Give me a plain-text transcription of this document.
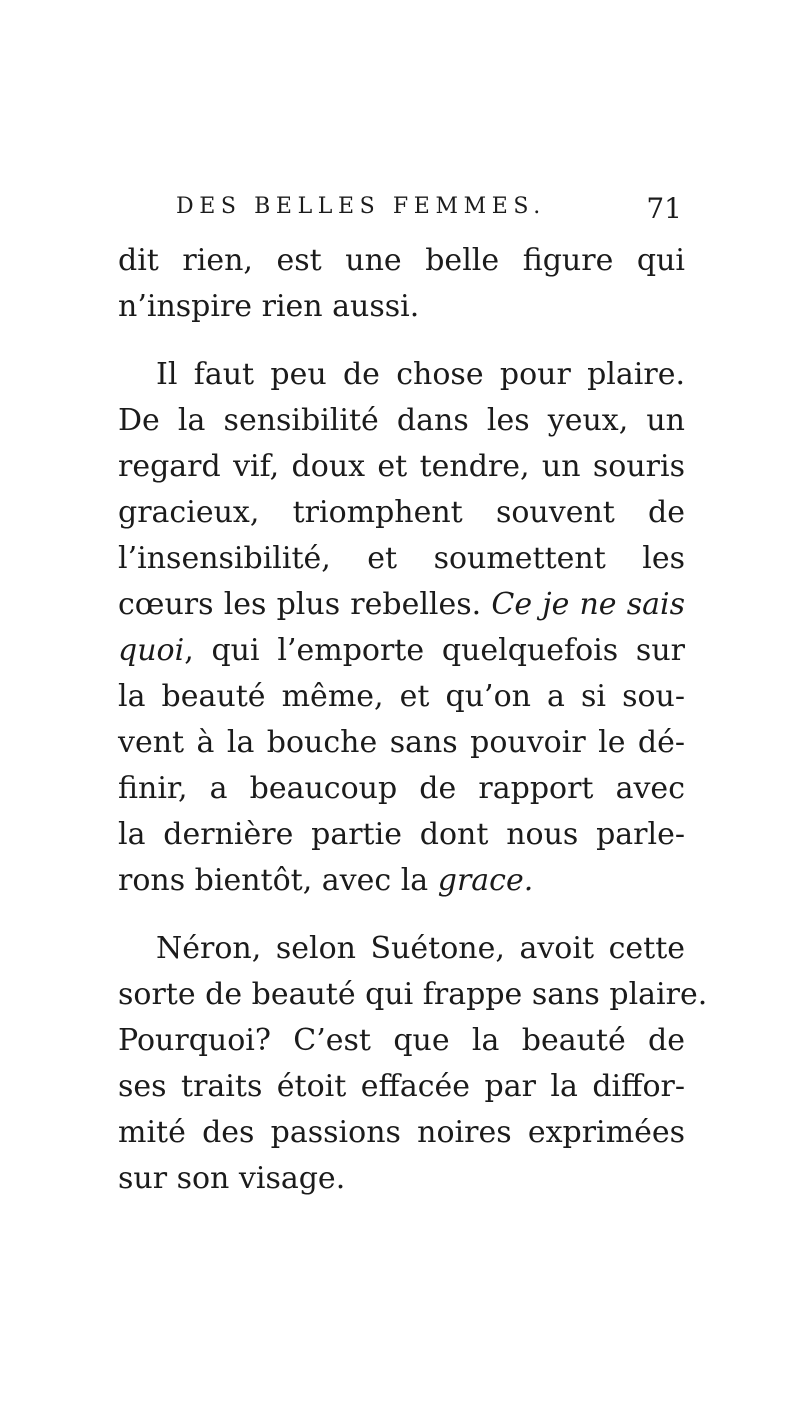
DES BELLES FEMMES.	71
dit rien, est une belle figure qui
n’inspire rien aussi.
Il faut peu de chose pour plaire.
De la sensibilité dans les yeux, un
regard vif, doux et tendre, un souris
gracieux, triomphent souvent de
l’insensibilité, et soumettent les
cœurs les plus rebelles. Ce je ne sais
quoi, qui l’emporte quelquefois sur
la beauté même, et qu’on a si sou-
vent à la bouche sans pouvoir le dé-
finir, a beaucoup de rapport avec
la dernière partie dont nous parle-
rons bientôt, avec la grace.
Néron, selon Suétone, avoit cette
sorte de beauté qui frappe sans plaire.
Pourquoi? C’est que la beauté de
ses traits étoit effacée par la diffor-
mité des passions noires exprimées
sur son visage.
